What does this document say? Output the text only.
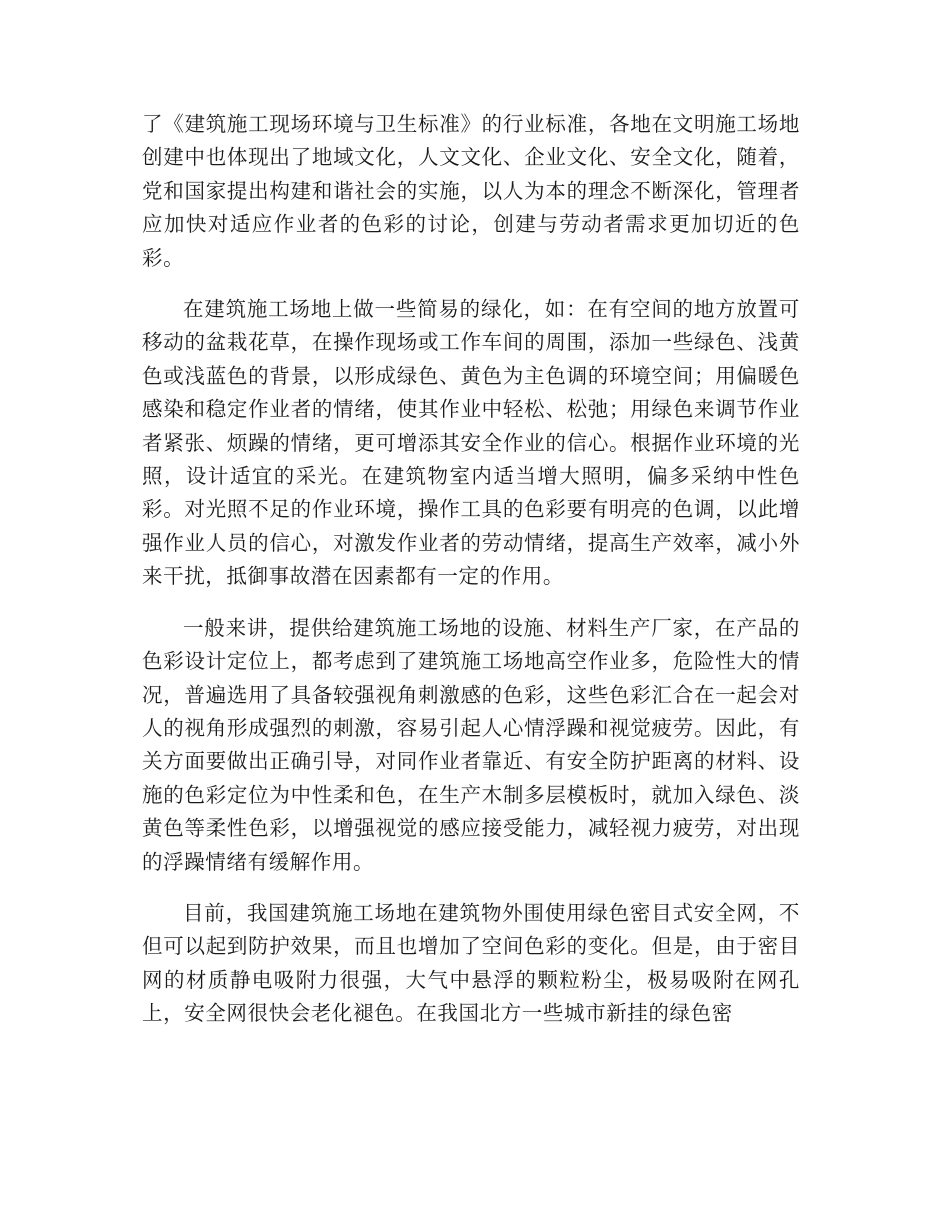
了《建筑施工现场环境与卫生标准》的行业标准，各地在文明施工场地创建中也体现出了地域文化，人文文化、企业文化、安全文化，随着，党和国家提出构建和谐社会的实施，以人为本的理念不断深化，管理者应加快对适应作业者的色彩的讨论，创建与劳动者需求更加切近的色彩。

在建筑施工场地上做一些简易的绿化，如：在有空间的地方放置可移动的盆栽花草，在操作现场或工作车间的周围，添加一些绿色、浅黄色或浅蓝色的背景，以形成绿色、黄色为主色调的环境空间；用偏暖色感染和稳定作业者的情绪，使其作业中轻松、松弛；用绿色来调节作业者紧张、烦躁的情绪，更可增添其安全作业的信心。根据作业环境的光照，设计适宜的采光。在建筑物室内适当增大照明，偏多采纳中性色彩。对光照不足的作业环境，操作工具的色彩要有明亮的色调，以此增强作业人员的信心，对激发作业者的劳动情绪，提高生产效率，减小外来干扰，抵御事故潜在因素都有一定的作用。

一般来讲，提供给建筑施工场地的设施、材料生产厂家，在产品的色彩设计定位上，都考虑到了建筑施工场地高空作业多，危险性大的情况，普遍选用了具备较强视角刺激感的色彩，这些色彩汇合在一起会对人的视角形成强烈的刺激，容易引起人心情浮躁和视觉疲劳。因此，有关方面要做出正确引导，对同作业者靠近、有安全防护距离的材料、设施的色彩定位为中性柔和色，在生产木制多层模板时，就加入绿色、淡黄色等柔性色彩，以增强视觉的感应接受能力，减轻视力疲劳，对出现的浮躁情绪有缓解作用。

目前，我国建筑施工场地在建筑物外围使用绿色密目式安全网，不但可以起到防护效果，而且也增加了空间色彩的变化。但是，由于密目网的材质静电吸附力很强，大气中悬浮的颗粒粉尘，极易吸附在网孔上，安全网很快会老化褪色。在我国北方一些城市新挂的绿色密
